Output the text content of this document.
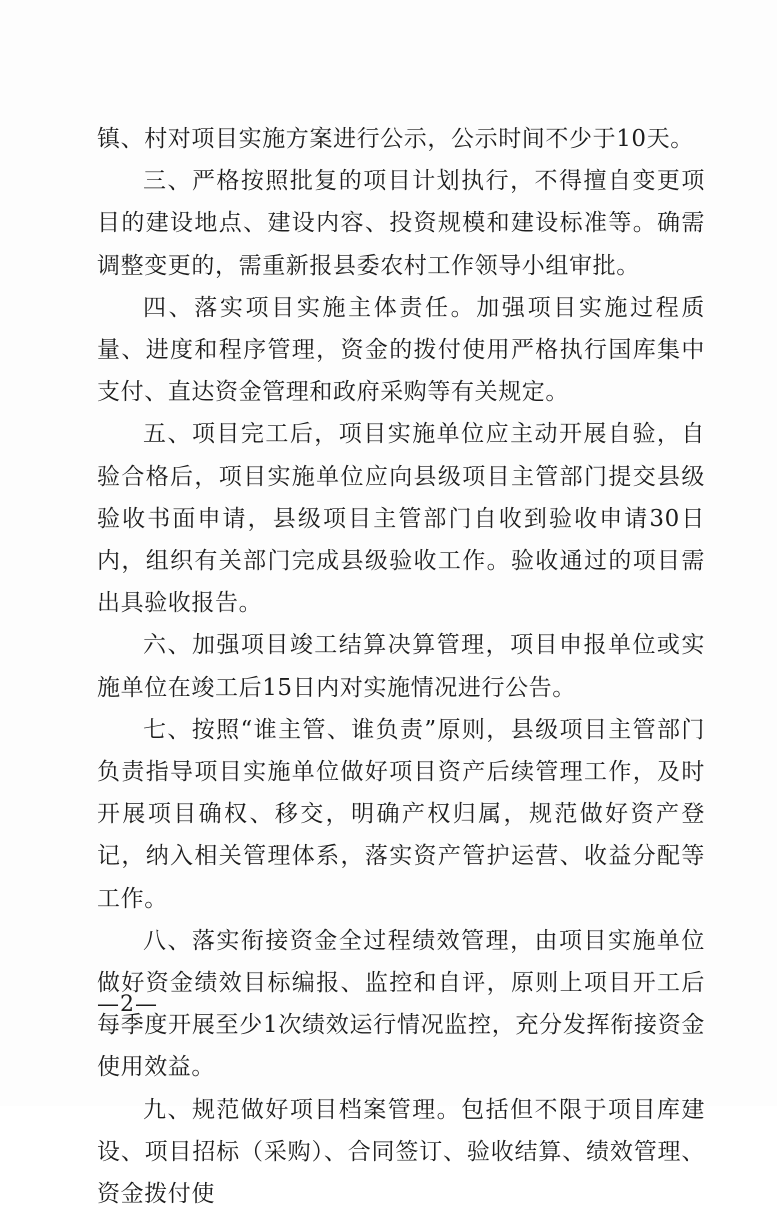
镇、村对项目实施方案进行公示，公示时间不少于10天。

三、严格按照批复的项目计划执行，不得擅自变更项目的建设地点、建设内容、投资规模和建设标准等。确需调整变更的，需重新报县委农村工作领导小组审批。

四、落实项目实施主体责任。加强项目实施过程质量、进度和程序管理，资金的拨付使用严格执行国库集中支付、直达资金管理和政府采购等有关规定。

五、项目完工后，项目实施单位应主动开展自验，自验合格后，项目实施单位应向县级项目主管部门提交县级验收书面申请，县级项目主管部门自收到验收申请30日内，组织有关部门完成县级验收工作。验收通过的项目需出具验收报告。

六、加强项目竣工结算决算管理，项目申报单位或实施单位在竣工后15日内对实施情况进行公告。

七、按照“谁主管、谁负责”原则，县级项目主管部门负责指导项目实施单位做好项目资产后续管理工作，及时开展项目确权、移交，明确产权归属，规范做好资产登记，纳入相关管理体系，落实资产管护运营、收益分配等工作。

八、落实衔接资金全过程绩效管理，由项目实施单位做好资金绩效目标编报、监控和自评，原则上项目开工后每季度开展至少1次绩效运行情况监控，充分发挥衔接资金使用效益。

九、规范做好项目档案管理。包括但不限于项目库建设、项目招标（采购）、合同签订、验收结算、绩效管理、资金拨付使

—2—
